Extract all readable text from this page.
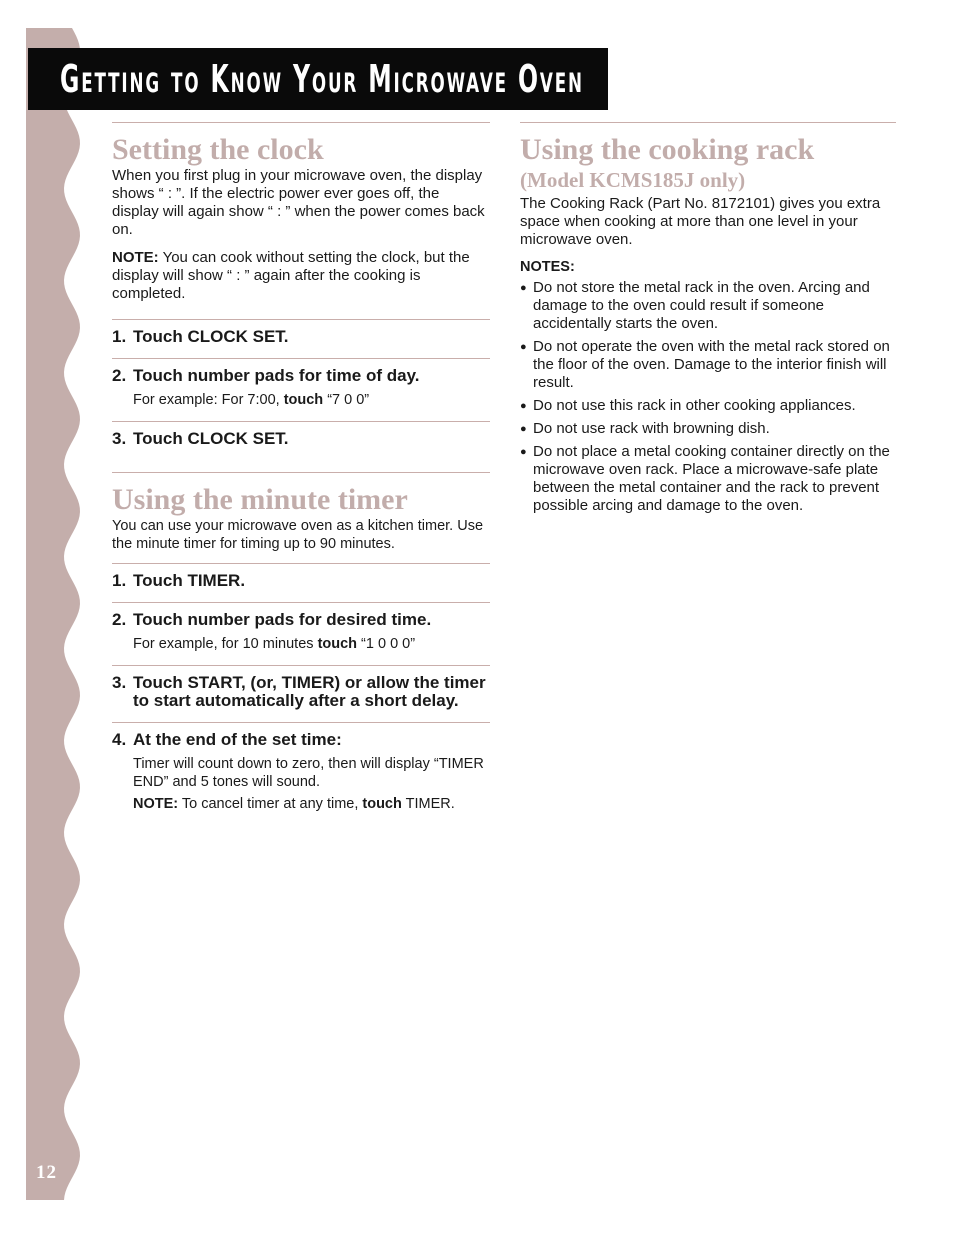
12
Getting to Know Your Microwave Oven
Setting the clock

When you first plug in your microwave oven, the display shows “ : ”. If the electric power ever goes off, the display will again show “ : ” when the power comes back on.

NOTE: You can cook without setting the clock, but the display will show “ : ” again after the cooking is completed.

1. Touch CLOCK SET.
2. Touch number pads for time of day.
For example: For 7:00, touch “7 0 0”
3. Touch CLOCK SET.
Using the minute timer

You can use your microwave oven as a kitchen timer. Use the minute timer for timing up to 90 minutes.

1. Touch TIMER.
2. Touch number pads for desired time.
For example, for 10 minutes touch “1 0 0 0”
3. Touch START, (or, TIMER) or allow the timer to start automatically after a short delay.
4. At the end of the set time:

Timer will count down to zero, then will display “TIMER END” and 5 tones will sound.

NOTE: To cancel timer at any time, touch TIMER.

Using the cooking rack
(Model KCMS185J only)

The Cooking Rack (Part No. 8172101) gives you extra space when cooking at more than one level in your microwave oven.

NOTES:
● Do not store the metal rack in the oven. Arcing and damage to the oven could result if someone accidentally starts the oven.
● Do not operate the oven with the metal rack stored on the floor of the oven. Damage to the interior finish will result.
● Do not use this rack in other cooking appliances.
● Do not use rack with browning dish.
● Do not place a metal cooking container directly on the microwave oven rack. Place a microwave-safe plate between the metal container and the rack to prevent possible arcing and damage to the oven.
